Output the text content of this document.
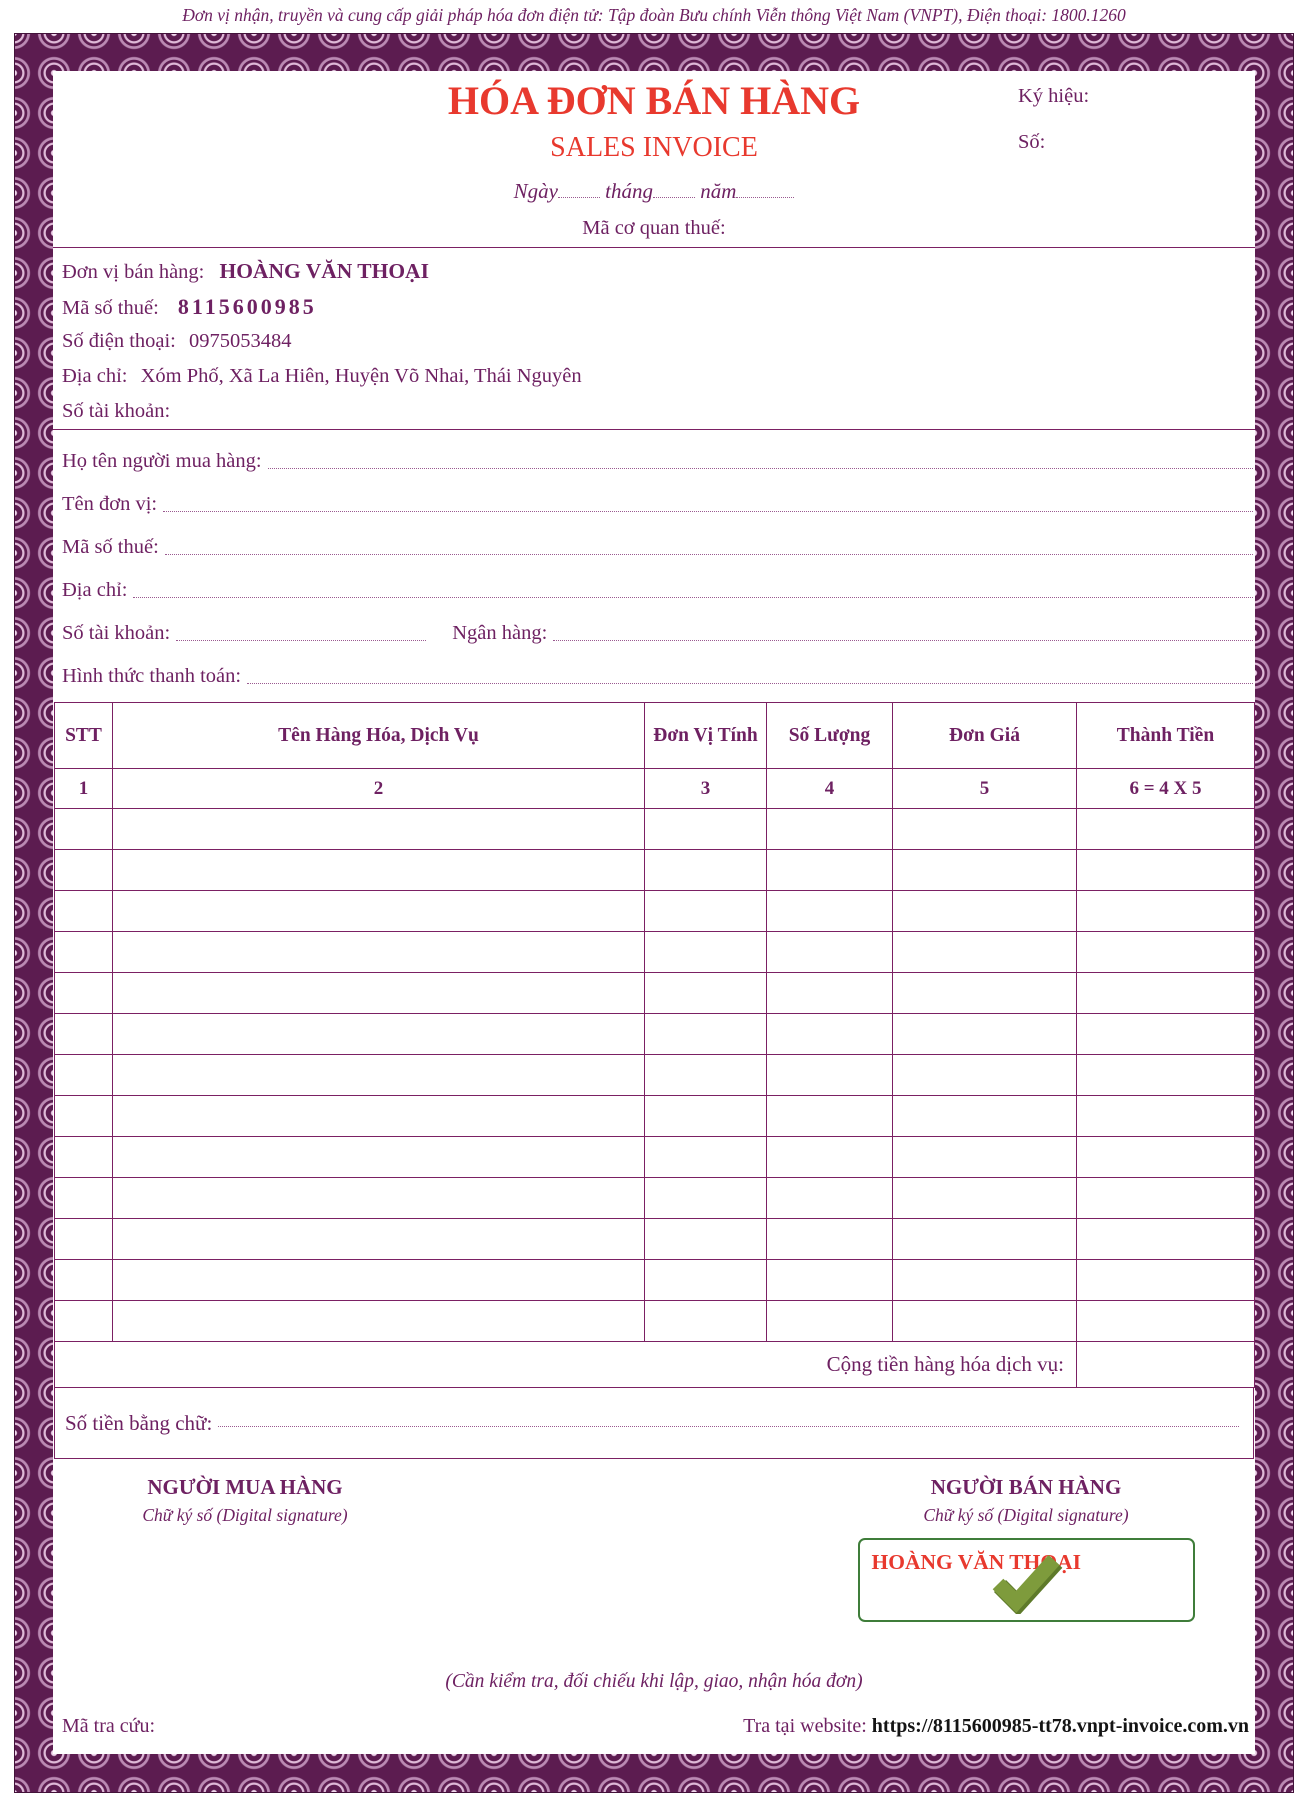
Đơn vị nhận, truyền và cung cấp giải pháp hóa đơn điện tử: Tập đoàn Bưu chính Viễn thông Việt Nam (VNPT), Điện thoại: 1800.1260
HÓA ĐƠN BÁN HÀNG
SALES INVOICE
Ngày tháng năm
Ký hiệu:
Số:
Mã cơ quan thuế:
Đơn vị bán hàng: HOÀNG VĂN THOẠI
Mã số thuế: 8115600985
Số điện thoại: 0975053484
Địa chỉ: Xóm Phố, Xã La Hiên, Huyện Võ Nhai, Thái Nguyên
Số tài khoản:
Họ tên người mua hàng:
Tên đơn vị:
Mã số thuế:
Địa chỉ:
Số tài khoản:	Ngân hàng:
Hình thức thanh toán:
STT	Tên Hàng Hóa, Dịch Vụ	Đơn Vị Tính	Số Lượng	Đơn Giá	Thành Tiền
1	2	3	4	5	6 = 4 X 5

Cộng tiền hàng hóa dịch vụ:					
Số tiền bằng chữ:
NGƯỜI MUA HÀNG
Chữ ký số (Digital signature)
NGƯỜI BÁN HÀNG
Chữ ký số (Digital signature)
HOÀNG VĂN THOẠI
(Cần kiểm tra, đối chiếu khi lập, giao, nhận hóa đơn)
Mã tra cứu:	Tra tại website: https://8115600985-tt78.vnpt-invoice.com.vn
